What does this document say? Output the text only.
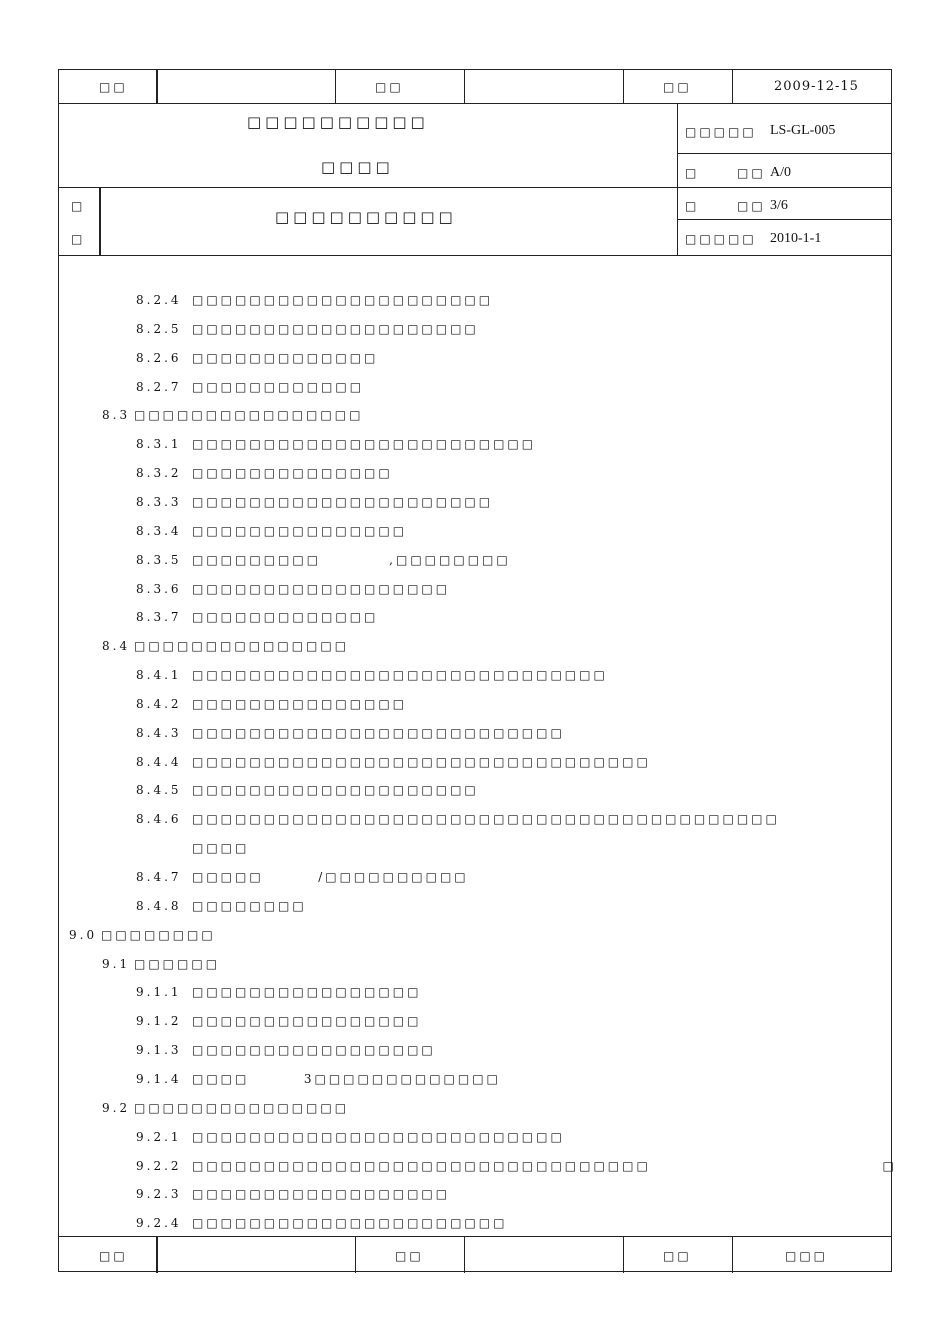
□□	□□	□□	2009-12-15
□□□□□□□□□□
□□□□
□□□□□ LS-GL-005
□	□□ A/0
□	□□ 3/6
□□□□□ 2010-1-1
□
□
□□□□□□□□□□
8.2.4 □□□□□□□□□□□□□□□□□□□□□
8.2.5 □□□□□□□□□□□□□□□□□□□□
8.2.6 □□□□□□□□□□□□□
8.2.7 □□□□□□□□□□□□
8.3 □□□□□□□□□□□□□□□□
8.3.1 □□□□□□□□□□□□□□□□□□□□□□□□
8.3.2 □□□□□□□□□□□□□□
8.3.3 □□□□□□□□□□□□□□□□□□□□□
8.3.4 □□□□□□□□□□□□□□□
8.3.5 □□□□□□□□□          ,□□□□□□□□
8.3.6 □□□□□□□□□□□□□□□□□□
8.3.7 □□□□□□□□□□□□□
8.4 □□□□□□□□□□□□□□□
8.4.1 □□□□□□□□□□□□□□□□□□□□□□□□□□□□□
8.4.2 □□□□□□□□□□□□□□□
8.4.3 □□□□□□□□□□□□□□□□□□□□□□□□□□
8.4.4 □□□□□□□□□□□□□□□□□□□□□□□□□□□□□□□□
8.4.5 □□□□□□□□□□□□□□□□□□□□
8.4.6 □□□□□□□□□□□□□□□□□□□□□□□□□□□□□□□□□□□□□□□□□
□□□□
8.4.7 □□□□□        /□□□□□□□□□□
8.4.8 □□□□□□□□
9.0 □□□□□□□□
9.1 □□□□□□
9.1.1 □□□□□□□□□□□□□□□□
9.1.2 □□□□□□□□□□□□□□□□
9.1.3 □□□□□□□□□□□□□□□□□
9.1.4 □□□□        3□□□□□□□□□□□□□
9.2 □□□□□□□□□□□□□□□
9.2.1 □□□□□□□□□□□□□□□□□□□□□□□□□□
9.2.2 □□□□□□□□□□□□□□□□□□□□□□□□□□□□□□□□                                  □
9.2.3 □□□□□□□□□□□□□□□□□□
9.2.4 □□□□□□□□□□□□□□□□□□□□□□
□□	□□	□□	□□□
